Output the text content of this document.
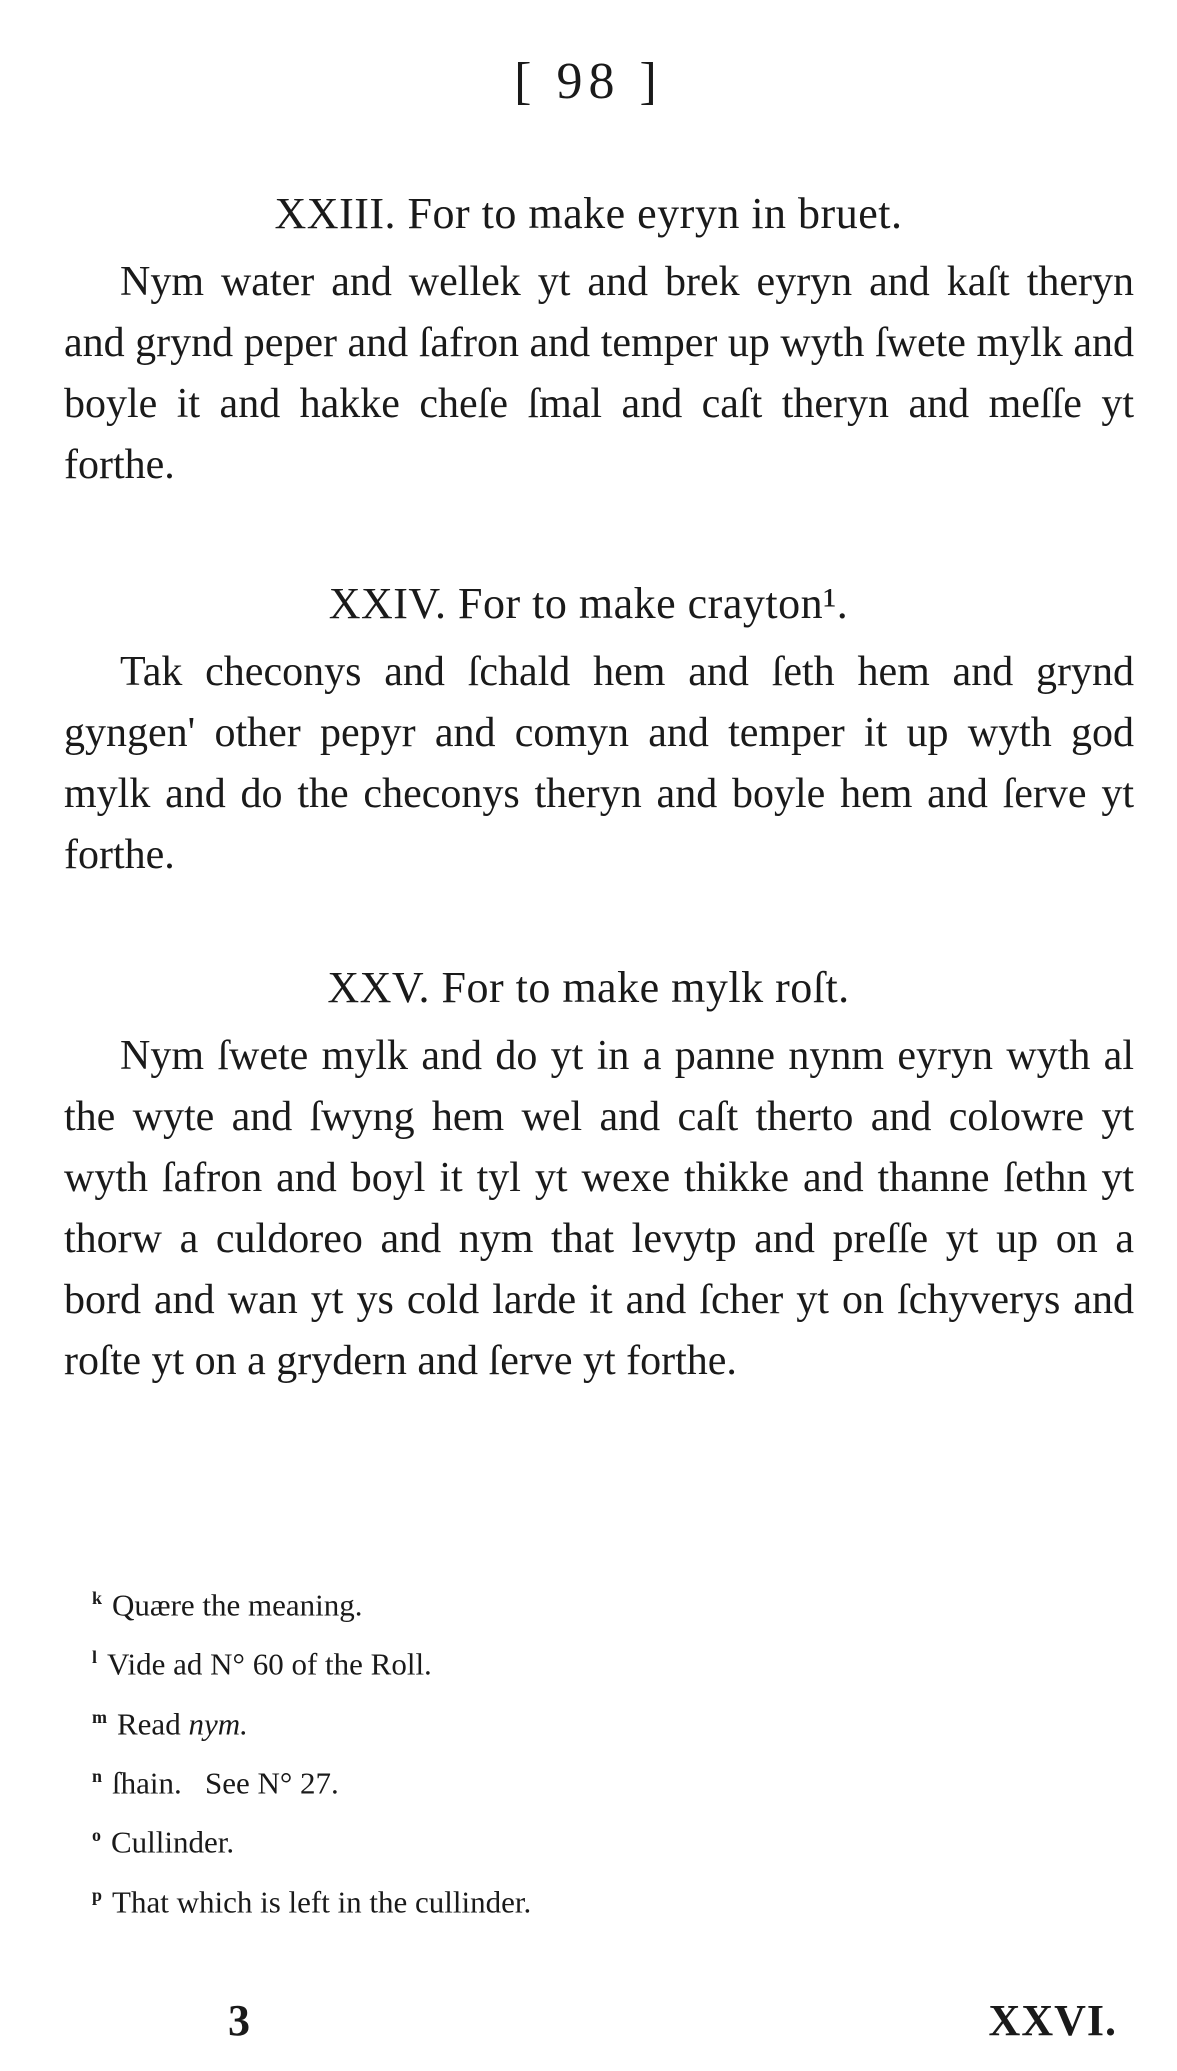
[ 98 ]
XXIII. For to make eyryn in bruet.
Nym water and wellek yt and brek eyryn and kaſt theryn and grynd peper and ſafron and temper up wyth ſwete mylk and boyle it and hakke cheſe ſmal and caſt theryn and meſſe yt forthe.
XXIV. For to make crayton¹.
Tak checonys and ſchald hem and ſeth hem and grynd gyngen' other pepyr and comyn and temper it up wyth god mylk and do the checonys theryn and boyle hem and ſerve yt forthe.
XXV. For to make mylk roſt.
Nym ſwete mylk and do yt in a panne nynm eyryn wyth al the wyte and ſwyng hem wel and caſt therto and colowre yt wyth ſafron and boyl it tyl yt wexe thikke and thanne ſethn yt thorw a culdoreo and nym that levytp and preſſe yt up on a bord and wan yt ys cold larde it and ſcher yt on ſchyverys and roſte yt on a grydern and ſerve yt forthe.
$^k$ Quære the meaning.
$^l$ Vide ad N° 60 of the Roll.
$^m$ Read nym.
$^n$ ſhain.   See N° 27.
$^o$ Cullinder.
$^p$ That which is left in the cullinder.
3	XXVI.
